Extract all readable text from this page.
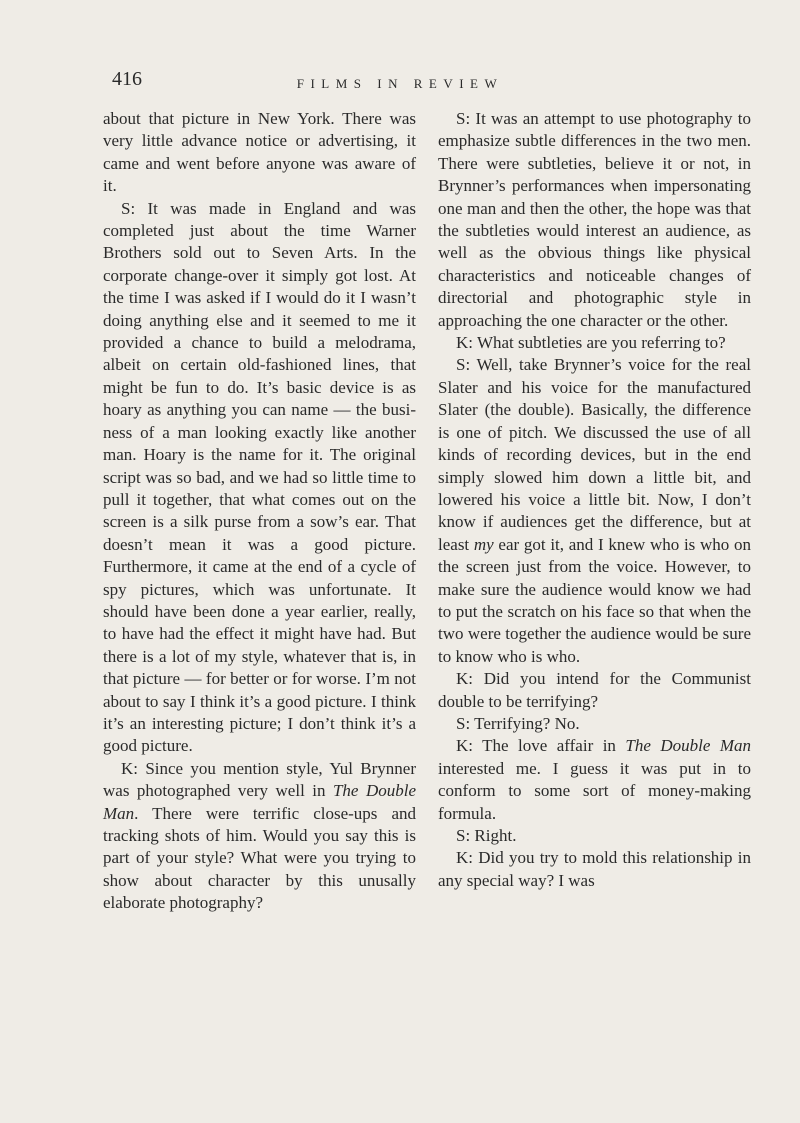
416	FILMS IN REVIEW

about that picture in New York. There was very little advance notice or advertising, it came and went before anyone was aware of it.

S: It was made in England and was completed just about the time Warner Brothers sold out to Seven Arts. In the corporate change-over it simply got lost. At the time I was asked if I would do it I wasn’t doing anything else and it seemed to me it provided a chance to build a melodrama, albeit on certain old-fashioned lines, that might be fun to do. It’s basic device is as hoary as anything you can name — the business of a man looking exactly like another man. Hoary is the name for it. The original script was so bad, and we had so little time to pull it together, that what comes out on the screen is a silk purse from a sow’s ear. That doesn’t mean it was a good picture. Furthermore, it came at the end of a cycle of spy pictures, which was unfortunate. It should have been done a year earlier, really, to have had the effect it might have had. But there is a lot of my style, whatever that is, in that picture — for better or for worse. I’m not about to say I think it’s a good picture. I think it’s an interesting picture; I don’t think it’s a good picture.

K: Since you mention style, Yul Brynner was photographed very well in The Double Man. There were terrific close-ups and tracking shots of him. Would you say this is part of your style? What were you trying to show about character by this unusally elaborate photography?

S: It was an attempt to use photography to emphasize subtle differences in the two men. There were subtleties, believe it or not, in Brynner’s performances when impersonating one man and then the other, the hope was that the subtleties would interest an audience, as well as the obvious things like physical characteristics and noticeable changes of directorial and photographic style in approaching the one character or the other.

K: What subtleties are you referring to?

S: Well, take Brynner’s voice for the real Slater and his voice for the manufactured Slater (the double). Basically, the difference is one of pitch. We discussed the use of all kinds of recording devices, but in the end simply slowed him down a little bit, and lowered his voice a little bit. Now, I don’t know if audiences get the difference, but at least my ear got it, and I knew who is who on the screen just from the voice. However, to make sure the audience would know we had to put the scratch on his face so that when the two were together the audience would be sure to know who is who.

K: Did you intend for the Communist double to be terrifying?

S: Terrifying? No.

K: The love affair in The Double Man interested me. I guess it was put in to conform to some sort of money-making formula.

S: Right.

K: Did you try to mold this relationship in any special way? I was
